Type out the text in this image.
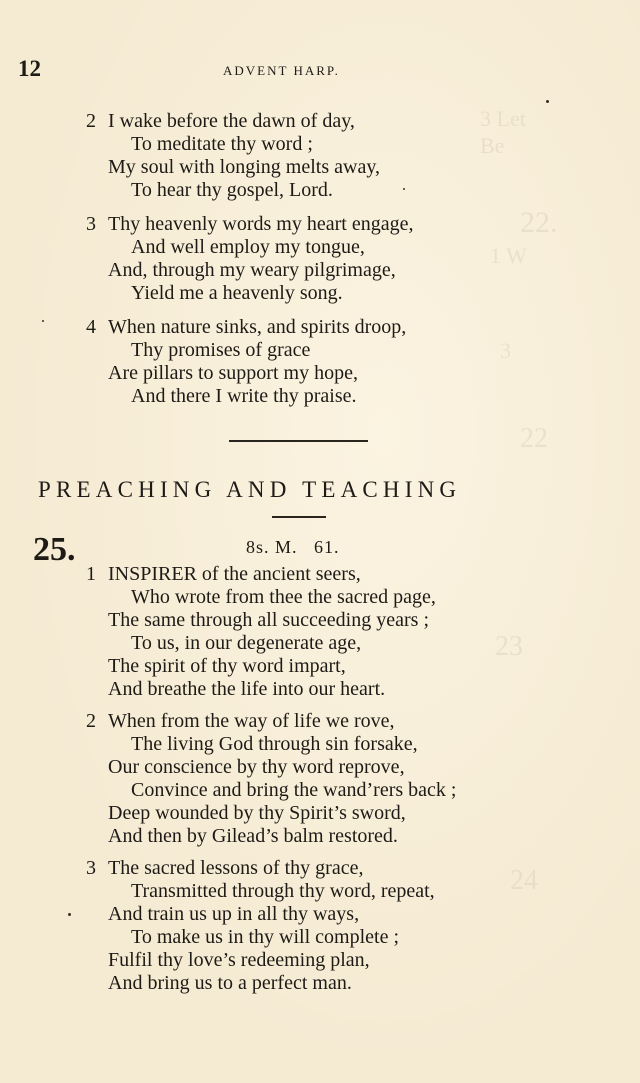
3 Let
Be
22.
1 W
3
22
23
24
12	ADVENT HARP.
2 I wake before the dawn of day,
To meditate thy word ;
My soul with longing melts away,
To hear thy gospel, Lord.
3 Thy heavenly words my heart engage,
And well employ my tongue,
And, through my weary pilgrimage,
Yield me a heavenly song.
4 When nature sinks, and spirits droop,
Thy promises of grace
Are pillars to support my hope,
And there I write thy praise.
PREACHING AND TEACHING
25.	8s. M.   61.
1 INSPIRER of the ancient seers,
Who wrote from thee the sacred page,
The same through all succeeding years ;
To us, in our degenerate age,
The spirit of thy word impart,
And breathe the life into our heart.
2 When from the way of life we rove,
The living God through sin forsake,
Our conscience by thy word reprove,
Convince and bring the wand’rers back ;
Deep wounded by thy Spirit’s sword,
And then by Gilead’s balm restored.
3 The sacred lessons of thy grace,
Transmitted through thy word, repeat,
And train us up in all thy ways,
To make us in thy will complete ;
Fulfil thy love’s redeeming plan,
And bring us to a perfect man.
